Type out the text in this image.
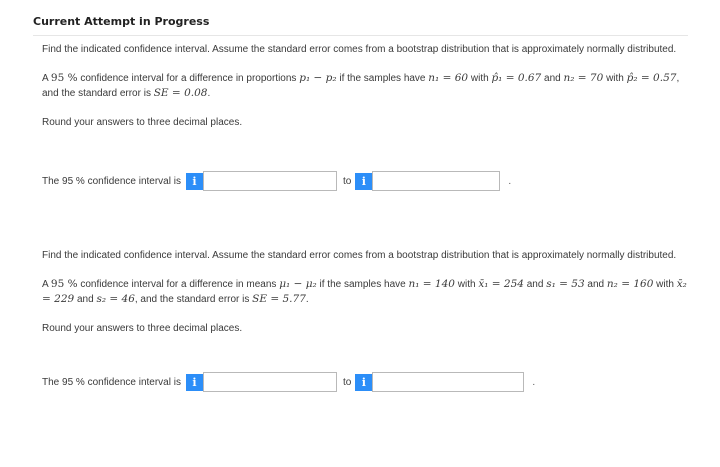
Current Attempt in Progress

Find the indicated confidence interval. Assume the standard error comes from a bootstrap distribution that is approximately normally distributed.

A 95 % confidence interval for a difference in proportions p₁ − p₂ if the samples have n₁ = 60 with p̂₁ = 0.67 and n₂ = 70 with p̂₂ = 0.57, and the standard error is SE = 0.08.

Round your answers to three decimal places.

The 95 % confidence interval is	i	to i	.

Find the indicated confidence interval. Assume the standard error comes from a bootstrap distribution that is approximately normally distributed.

A 95 % confidence interval for a difference in means μ₁ − μ₂ if the samples have n₁ = 140 with x̄₁ = 254 and s₁ = 53 and n₂ = 160 with x̄₂ = 229 and s₂ = 46, and the standard error is SE = 5.77.

Round your answers to three decimal places.

The 95 % confidence interval is	i	to i	.
